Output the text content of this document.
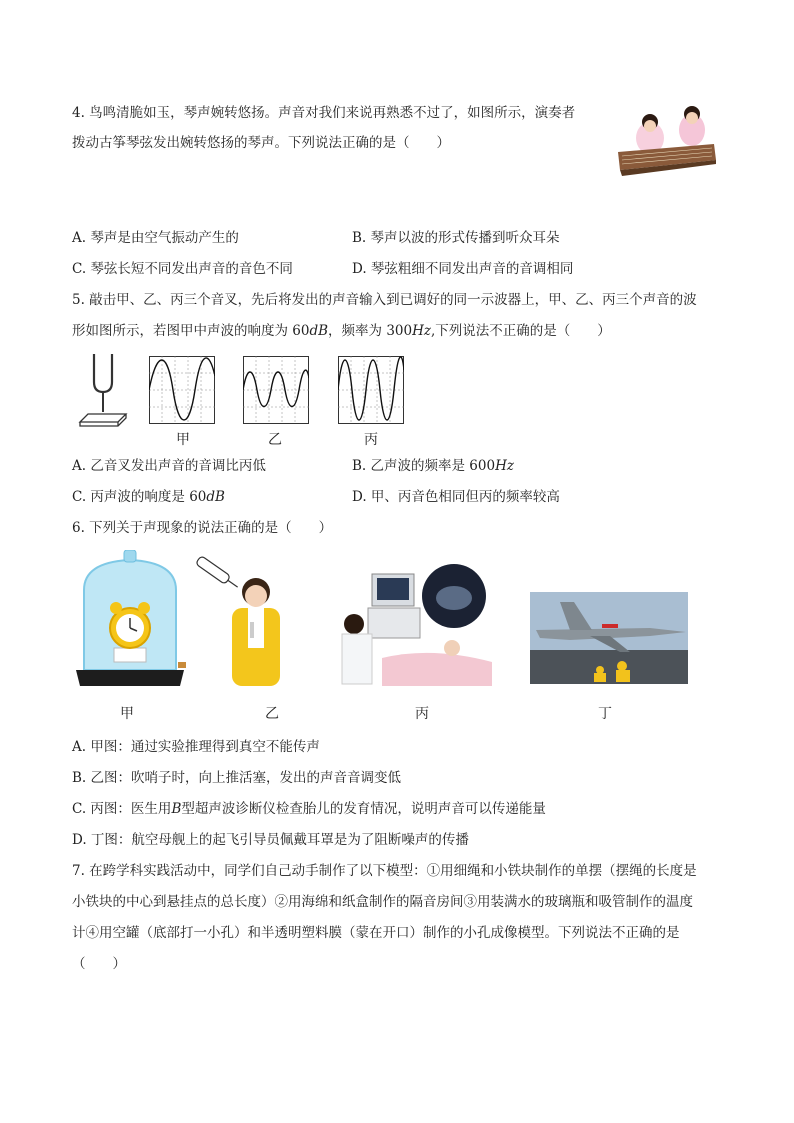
4. 鸟鸣清脆如玉，琴声婉转悠扬。声音对我们来说再熟悉不过了，如图所示，演奏者
拨动古筝琴弦发出婉转悠扬的琴声。下列说法正确的是（　　）
A. 琴声是由空气振动产生的	B. 琴声以波的形式传播到听众耳朵
C. 琴弦长短不同发出声音的音色不同	D. 琴弦粗细不同发出声音的音调相同
5. 敲击甲、乙、丙三个音叉，先后将发出的声音输入到已调好的同一示波器上，甲、乙、丙三个声音的波
形如图所示，若图甲中声波的响度为 60dB，频率为 300Hz,下列说法不正确的是（　　）
甲	乙	丙
A. 乙音叉发出声音的音调比丙低	B. 乙声波的频率是 600Hz
C. 丙声波的响度是 60dB	D. 甲、丙音色相同但丙的频率较高
6. 下列关于声现象的说法正确的是（　　）
甲	乙	丙	丁
A. 甲图：通过实验推理得到真空不能传声
B. 乙图：吹哨子时，向上推活塞，发出的声音音调变低
C. 丙图：医生用B型超声波诊断仪检查胎儿的发育情况，说明声音可以传递能量
D. 丁图：航空母舰上的起飞引导员佩戴耳罩是为了阻断噪声的传播
7. 在跨学科实践活动中，同学们自己动手制作了以下模型：①用细绳和小铁块制作的单摆（摆绳的长度是
小铁块的中心到悬挂点的总长度）②用海绵和纸盒制作的隔音房间③用装满水的玻璃瓶和吸管制作的温度
计④用空罐（底部打一小孔）和半透明塑料膜（蒙在开口）制作的小孔成像模型。下列说法不正确的是
（　　）
